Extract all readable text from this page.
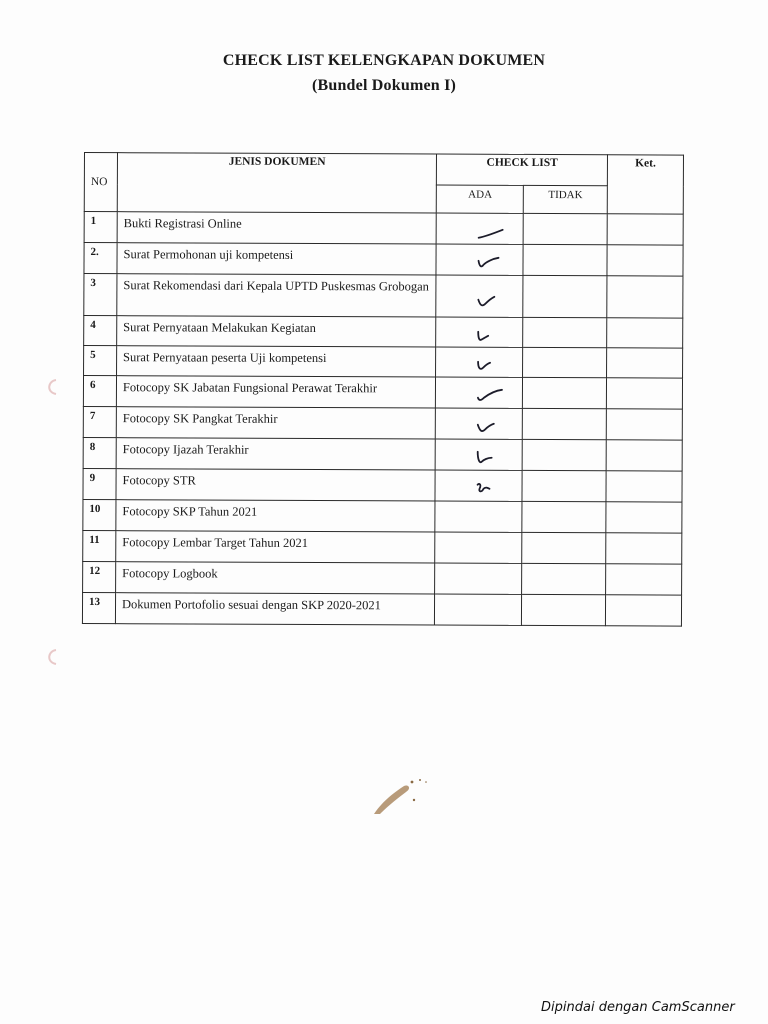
CHECK LIST KELENGKAPAN DOKUMEN
(Bundel Dokumen I)
NO	JENIS DOKUMEN	CHECK LIST		Ket.
		ADA	TIDAK	
1	Bukti Registrasi Online	

2.	Surat Permohonan uji kompetensi	

3	Surat Rekomendasi dari Kepala UPTD Puskesmas Grobogan	

4	Surat Pernyataan Melakukan Kegiatan	

5	Surat Pernyataan peserta Uji kompetensi	

6	Fotocopy SK Jabatan Fungsional Perawat Terakhir	

7	Fotocopy SK Pangkat Terakhir	

8	Fotocopy Ijazah Terakhir	

9	Fotocopy STR	

10	Fotocopy SKP Tahun 2021			
11	Fotocopy Lembar Target Tahun 2021			
12	Fotocopy Logbook			
13	Dokumen Portofolio sesuai dengan SKP 2020-2021			
Dipindai dengan CamScanner
